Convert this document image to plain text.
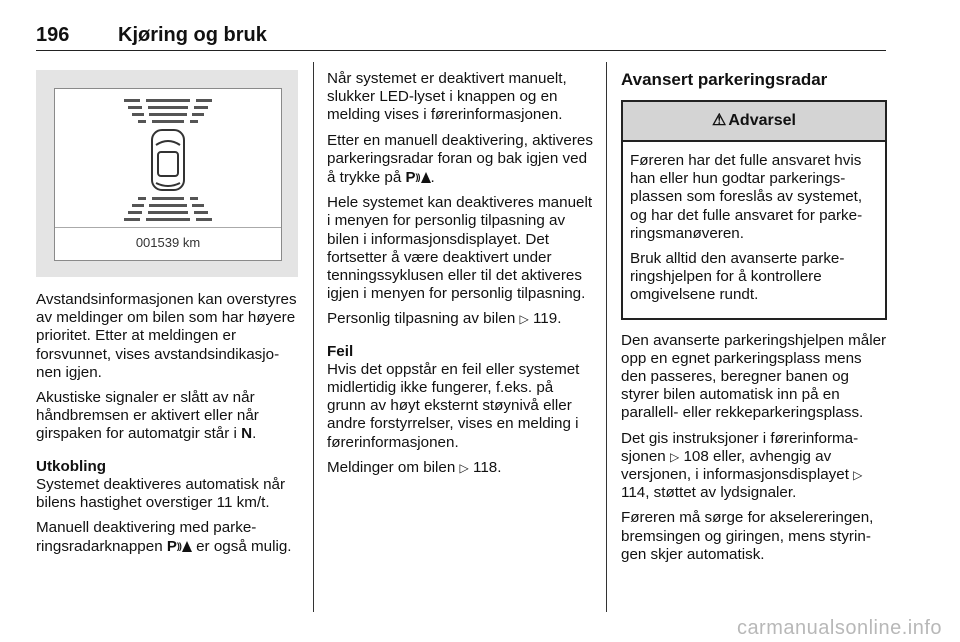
196 Kjøring og bruk
001539 km

Avstandsinformasjonen kan overstyres av meldinger om bilen som har høyere prioritet. Etter at meldingen er forsvunnet, vises avstandsindikasjonen igjen.

Akustiske signaler er slått av når håndbremsen er aktivert eller når girspaken for automatgir står i N.

Utkobling

Systemet deaktiveres automatisk når bilens hastighet overstiger 11 km/t.

Manuell deaktivering med parkeringsradarknappen P)) er også mulig.

Når systemet er deaktivert manuelt, slukker LED-lyset i knappen og en melding vises i førerinformasjonen.

Etter en manuell deaktivering, aktiveres parkeringsradar foran og bak igjen ved å trykke på P)) .

Hele systemet kan deaktiveres manuelt i menyen for personlig tilpasning av bilen i informasjonsdisplayet. Det fortsetter å være deaktivert under tenningssyklusen eller til det aktiveres igjen i menyen for personlig tilpasning.

Personlig tilpasning av bilen ▷ 119.

Feil

Hvis det oppstår en feil eller systemet midlertidig ikke fungerer, f.eks. på grunn av høyt eksternt støynivå eller andre forstyrrelser, vises en melding i førerinformasjonen.

Meldinger om bilen ▷ 118.

Avansert parkeringsradar
⚠ Advarsel

Føreren har det fulle ansvaret hvis han eller hun godtar parkeringsplassen som foreslås av systemet, og har det fulle ansvaret for parkeringsmanøveren.

Bruk alltid den avanserte parkeringshjelpen for å kontrollere omgivelsene rundt.

Den avanserte parkeringshjelpen måler opp en egnet parkeringsplass mens den passeres, beregner banen og styrer bilen automatisk inn på en parallell- eller rekkeparkeringsplass.

Det gis instruksjoner i førerinformasjonen ▷ 108 eller, avhengig av versjonen, i informasjonsdisplayet ▷ 114, støttet av lydsignaler.

Føreren må sørge for akselereringen, bremsingen og giringen, mens styringen skjer automatisk.

carmanualsonline.info
